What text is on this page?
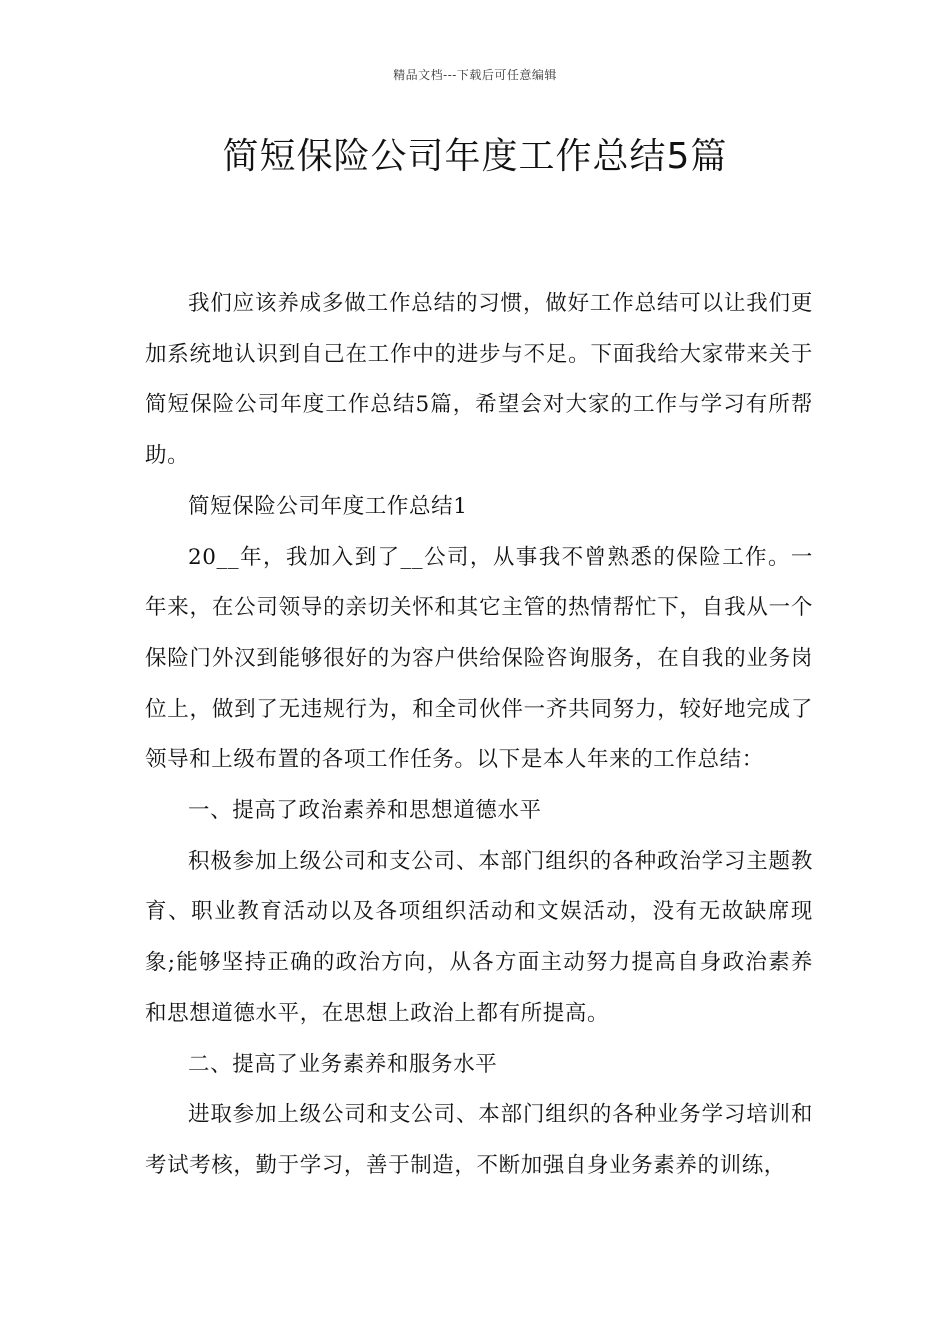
精品文档---下载后可任意编辑
简短保险公司年度工作总结5篇

我们应该养成多做工作总结的习惯，做好工作总结可以让我们更加系统地认识到自己在工作中的进步与不足。下面我给大家带来关于简短保险公司年度工作总结5篇，希望会对大家的工作与学习有所帮助。

简短保险公司年度工作总结1

20__年，我加入到了__公司，从事我不曾熟悉的保险工作。一年来，在公司领导的亲切关怀和其它主管的热情帮忙下，自我从一个保险门外汉到能够很好的为容户供给保险咨询服务，在自我的业务岗位上，做到了无违规行为，和全司伙伴一齐共同努力，较好地完成了领导和上级布置的各项工作任务。以下是本人年来的工作总结：

一、提高了政治素养和思想道德水平

积极参加上级公司和支公司、本部门组织的各种政治学习主题教育、职业教育活动以及各项组织活动和文娱活动，没有无故缺席现象;能够坚持正确的政治方向，从各方面主动努力提高自身政治素养和思想道德水平，在思想上政治上都有所提高。

二、提高了业务素养和服务水平

进取参加上级公司和支公司、本部门组织的各种业务学习培训和考试考核，勤于学习，善于制造，不断加强自身业务素养的训练，
